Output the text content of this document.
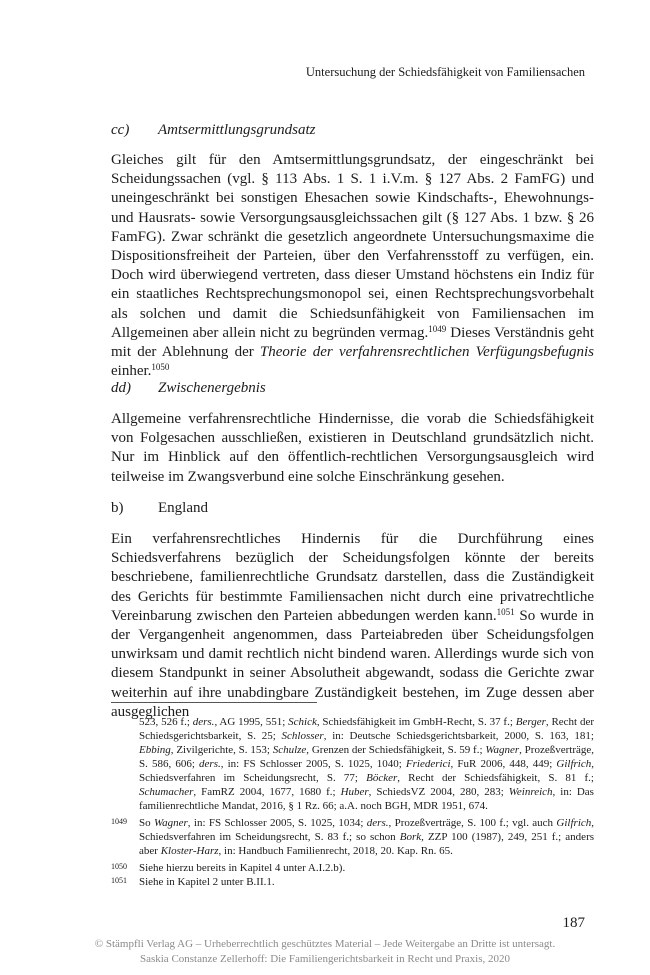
Untersuchung der Schiedsfähigkeit von Familiensachen
cc)	Amtsermittlungsgrundsatz

Gleiches gilt für den Amtsermittlungsgrundsatz, der eingeschränkt bei Scheidungssachen (vgl. § 113 Abs. 1 S. 1 i.V.m. § 127 Abs. 2 FamFG) und uneingeschränkt bei sonstigen Ehesachen sowie Kindschafts-, Ehewohnungs- und Hausrats- sowie Versorgungsausgleichssachen gilt (§ 127 Abs. 1 bzw. § 26 FamFG). Zwar schränkt die gesetzlich angeordnete Untersuchungsmaxime die Dispositionsfreiheit der Parteien, über den Verfahrensstoff zu verfügen, ein. Doch wird überwiegend vertreten, dass dieser Umstand höchstens ein Indiz für ein staatliches Rechtsprechungsmonopol sei, einen Rechtsprechungsvorbehalt als solchen und damit die Schiedsunfähigkeit von Familiensachen im Allgemeinen aber allein nicht zu begründen vermag.$^{1049}$ Dieses Verständnis geht mit der Ablehnung der Theorie der verfahrensrechtlichen Verfügungsbefugnis einher.$^{1050}$

dd)	Zwischenergebnis

Allgemeine verfahrensrechtliche Hindernisse, die vorab die Schiedsfähigkeit von Folgesachen ausschließen, existieren in Deutschland grundsätzlich nicht. Nur im Hinblick auf den öffentlich-rechtlichen Versorgungsausgleich wird teilweise im Zwangsverbund eine solche Einschränkung gesehen.

b)	England

Ein verfahrensrechtliches Hindernis für die Durchführung eines Schiedsverfahrens bezüglich der Scheidungsfolgen könnte der bereits beschriebene, familienrechtliche Grundsatz darstellen, dass die Zuständigkeit des Gerichts für bestimmte Familiensachen nicht durch eine privatrechtliche Vereinbarung zwischen den Parteien abbedungen werden kann.$^{1051}$ So wurde in der Vergangenheit angenommen, dass Parteiabreden über Scheidungsfolgen unwirksam und damit rechtlich nicht bindend waren. Allerdings wurde sich von diesem Standpunkt in seiner Absolutheit abgewandt, sodass die Gerichte zwar weiterhin auf ihre unabdingbare Zuständigkeit bestehen, im Zuge dessen aber ausgeglichen

523, 526 f.; ders., AG 1995, 551; Schick, Schiedsfähigkeit im GmbH-Recht, S. 37 f.; Berger, Recht der Schiedsgerichtsbarkeit, S. 25; Schlosser, in: Deutsche Schiedsgerichtsbarkeit, 2000, S. 163, 181; Ebbing, Zivilgerichte, S. 153; Schulze, Grenzen der Schiedsfähigkeit, S. 59 f.; Wagner, Prozeßverträge, S. 586, 606; ders., in: FS Schlosser 2005, S. 1025, 1040; Friederici, FuR 2006, 448, 449; Gilfrich, Schiedsverfahren im Scheidungsrecht, S. 77; Böcker, Recht der Schiedsfähigkeit, S. 81 f.; Schumacher, FamRZ 2004, 1677, 1680 f.; Huber, SchiedsVZ 2004, 280, 283; Weinreich, in: Das familienrechtliche Mandat, 2016, § 1 Rz. 66; a.A. noch BGH, MDR 1951, 674.
1049	So Wagner, in: FS Schlosser 2005, S. 1025, 1034; ders., Prozeßverträge, S. 100 f.; vgl. auch Gilfrich, Schiedsverfahren im Scheidungsrecht, S. 83 f.; so schon Bork, ZZP 100 (1987), 249, 251 f.; anders aber Kloster-Harz, in: Handbuch Familienrecht, 2018, 20. Kap. Rn. 65.
1050	Siehe hierzu bereits in Kapitel 4 unter A.I.2.b).
1051	Siehe in Kapitel 2 unter B.II.1.
187
© Stämpfli Verlag AG – Urheberrechtlich geschütztes Material – Jede Weitergabe an Dritte ist untersagt.
Saskia Constanze Zellerhoff: Die Familiengerichtsbarkeit in Recht und Praxis, 2020
